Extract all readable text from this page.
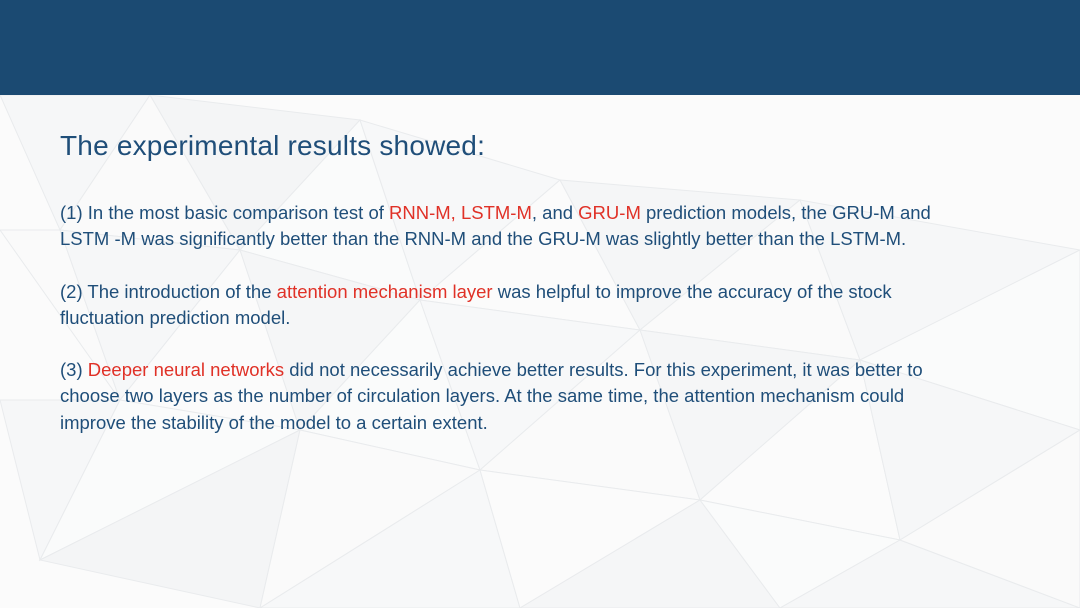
The experimental results showed:

(1) In the most basic comparison test of RNN-M, LSTM-M, and GRU-M prediction models, the GRU-M and LSTM -M was significantly better than the RNN-M and the GRU-M was slightly better than the LSTM-M.

(2) The introduction of the attention mechanism layer was helpful to improve the accuracy of the stock fluctuation prediction model.

(3) Deeper neural networks did not necessarily achieve better results. For this experiment, it was better to choose two layers as the number of circulation layers. At the same time, the attention mechanism could improve the stability of the model to a certain extent.
